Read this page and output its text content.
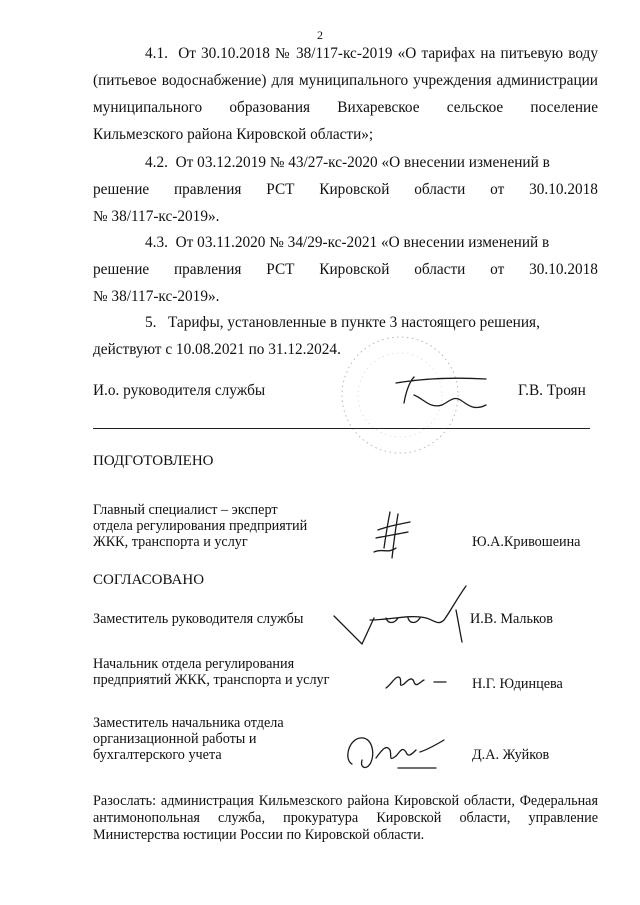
2
4.1. От 30.10.2018 № 38/117-кс-2019 «О тарифах на питьевую воду (питьевое водоснабжение) для муниципального учреждения администрации муниципального образования Вихаревское сельское поселение Кильмезского района Кировской области»;
4.2. От 03.12.2019 № 43/27-кс-2020 «О внесении изменений в
решение правления РСТ Кировской области от 30.10.2018
№ 38/117-кс-2019».
4.3. От 03.11.2020 № 34/29-кс-2021 «О внесении изменений в
решение правления РСТ Кировской области от 30.10.2018
№ 38/117-кс-2019».
5. Тарифы, установленные в пункте 3 настоящего решения,
действуют с 10.08.2021 по 31.12.2024.
И.о. руководителя службы	Г.В. Троян
ПОДГОТОВЛЕНО
Главный специалист – эксперт
отдела регулирования предприятий
ЖКК, транспорта и услуг	Ю.А.Кривошеина
СОГЛАСОВАНО
Заместитель руководителя службы	И.В. Мальков
Начальник отдела регулирования
предприятий ЖКК, транспорта и услуг	Н.Г. Юдинцева
Заместитель начальника отдела
организационной работы и
бухгалтерского учета	Д.А. Жуйков
Разослать: администрация Кильмезского района Кировской области, Федеральная антимонопольная служба, прокуратура Кировской области, управление Министерства юстиции России по Кировской области.
